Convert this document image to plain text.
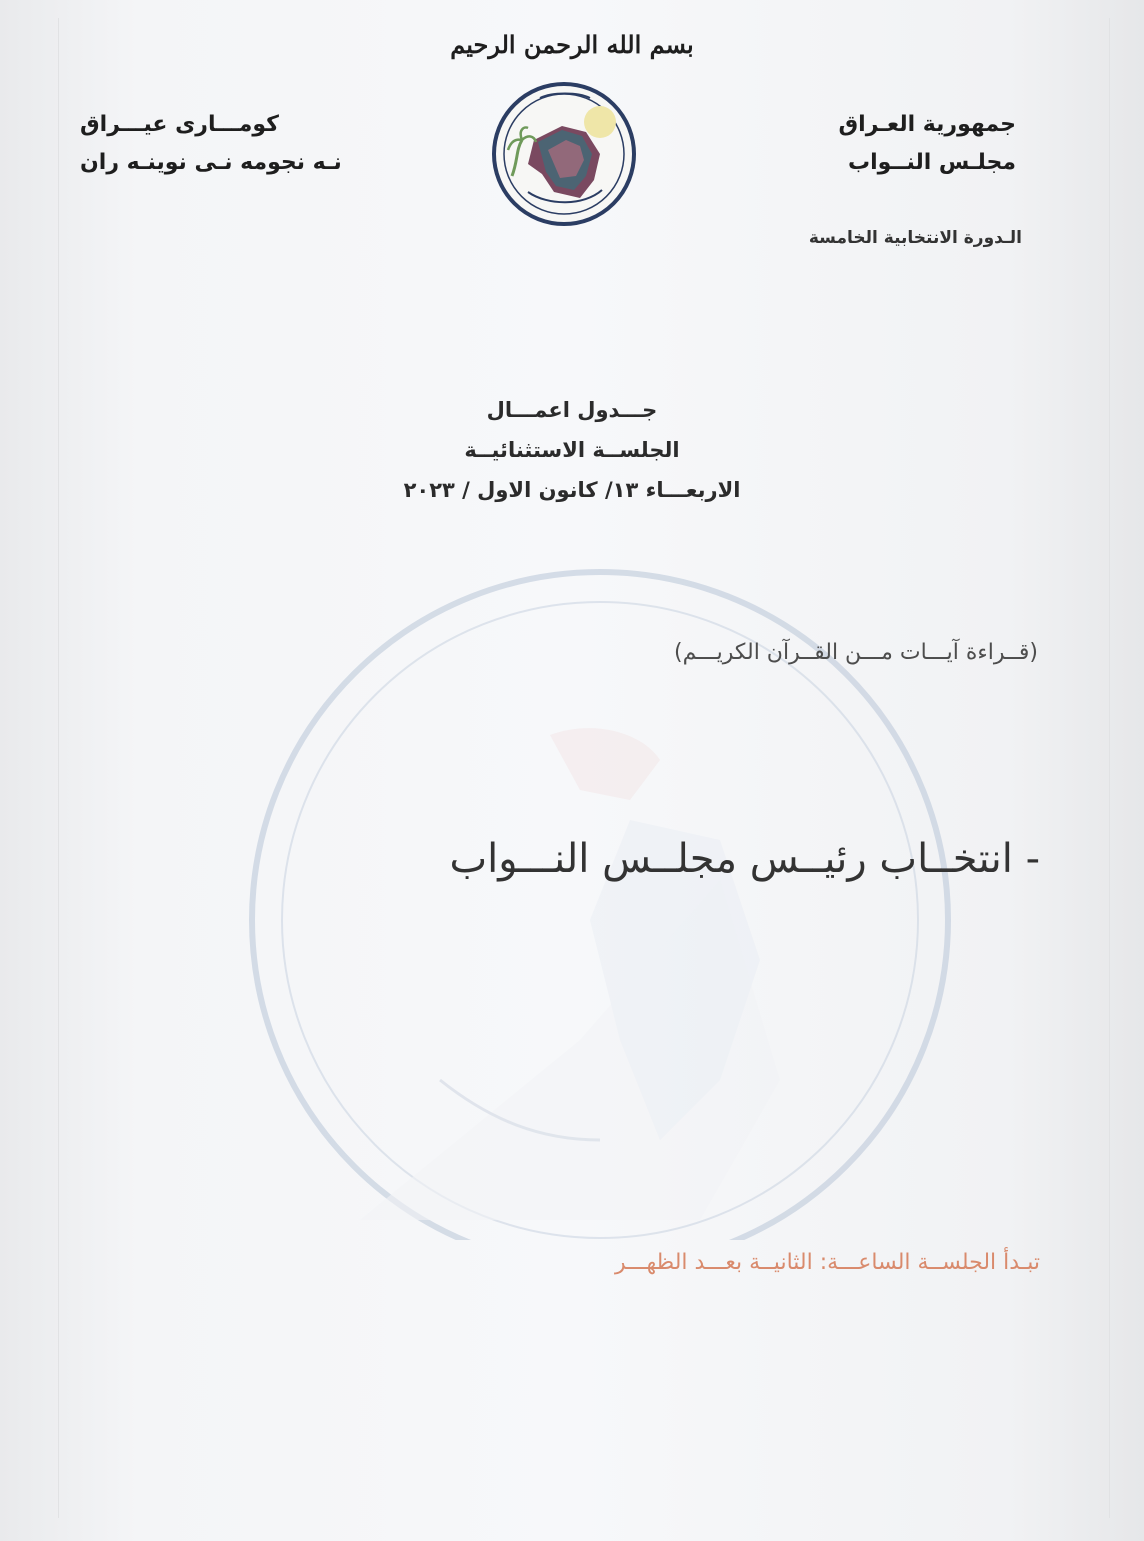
بسم الله الرحمن الرحيم
جمهورية العـراق
مجلـس النــواب
الـدورة الانتخابية الخامسة
كومـــارى عيـــراق
نـه نجومه نـى نوينـه ران
جـــدول اعمـــال
الجلســة الاستثنائيــة
الاربعـــاء ١٣/ كانون الاول / ٢٠٢٣
(قــراءة آيـــات مـــن القــرآن الكريـــم)
- انتخــاب رئيــس مجلــس النـــواب
تبـدأ الجلســة الساعـــة: الثانيــة بعـــد الظهـــر
